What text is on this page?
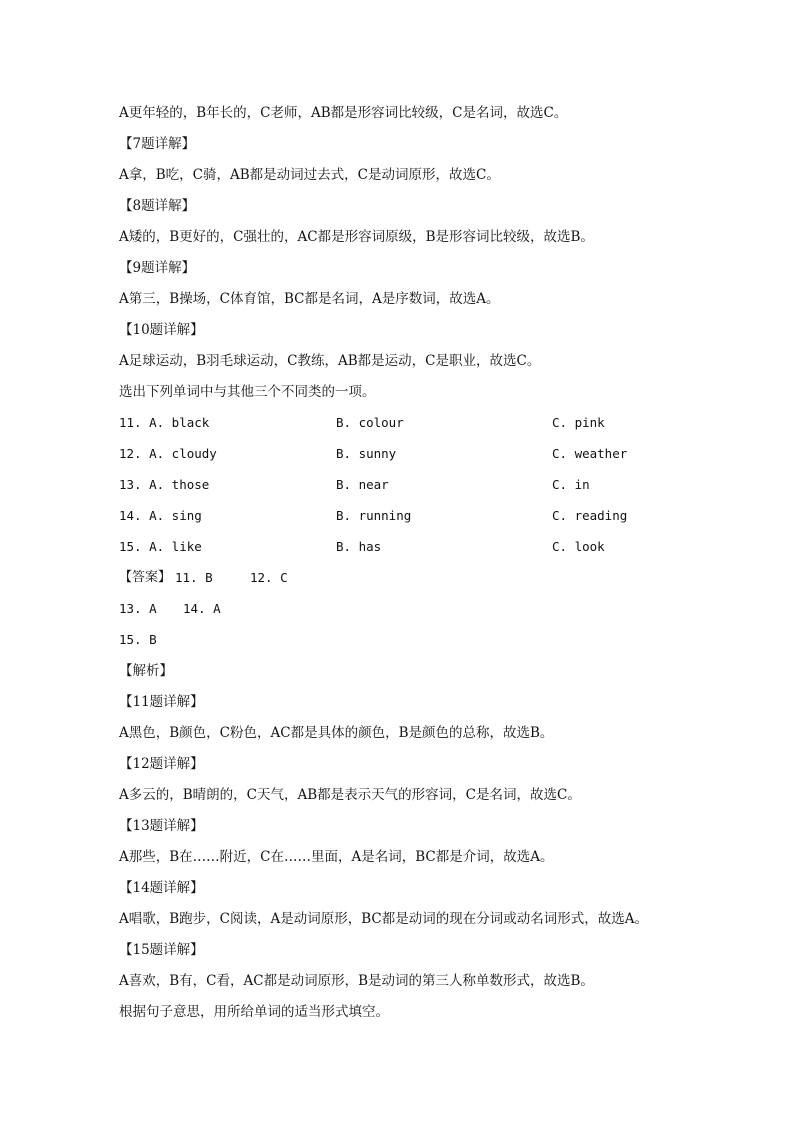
A更年轻的，B年长的，C老师，AB都是形容词比较级，C是名词，故选C。
【7题详解】
A拿，B吃，C骑，AB都是动词过去式，C是动词原形，故选C。
【8题详解】
A矮的，B更好的，C强壮的，AC都是形容词原级，B是形容词比较级，故选B。
【9题详解】
A第三，B操场，C体育馆，BC都是名词，A是序数词，故选A。
【10题详解】
A足球运动，B羽毛球运动，C教练，AB都是运动，C是职业，故选C。
选出下列单词中与其他三个不同类的一项。
11. A. black	B. colour	C. pink
12. A. cloudy	B. sunny	C. weather
13. A. those	B. near	C. in
14. A. sing	B. running	C. reading
15. A. like	B. has	C. look
【答案】 11. B	12. C
13. A 14. A
15. B
【解析】
【11题详解】
A黑色，B颜色，C粉色，AC都是具体的颜色，B是颜色的总称，故选B。
【12题详解】
A多云的，B晴朗的，C天气，AB都是表示天气的形容词，C是名词，故选C。
【13题详解】
A那些，B在……附近，C在……里面，A是名词，BC都是介词，故选A。
【14题详解】
A唱歌，B跑步，C阅读，A是动词原形，BC都是动词的现在分词或动名词形式，故选A。
【15题详解】
A喜欢，B有，C看，AC都是动词原形，B是动词的第三人称单数形式，故选B。
根据句子意思，用所给单词的适当形式填空。
